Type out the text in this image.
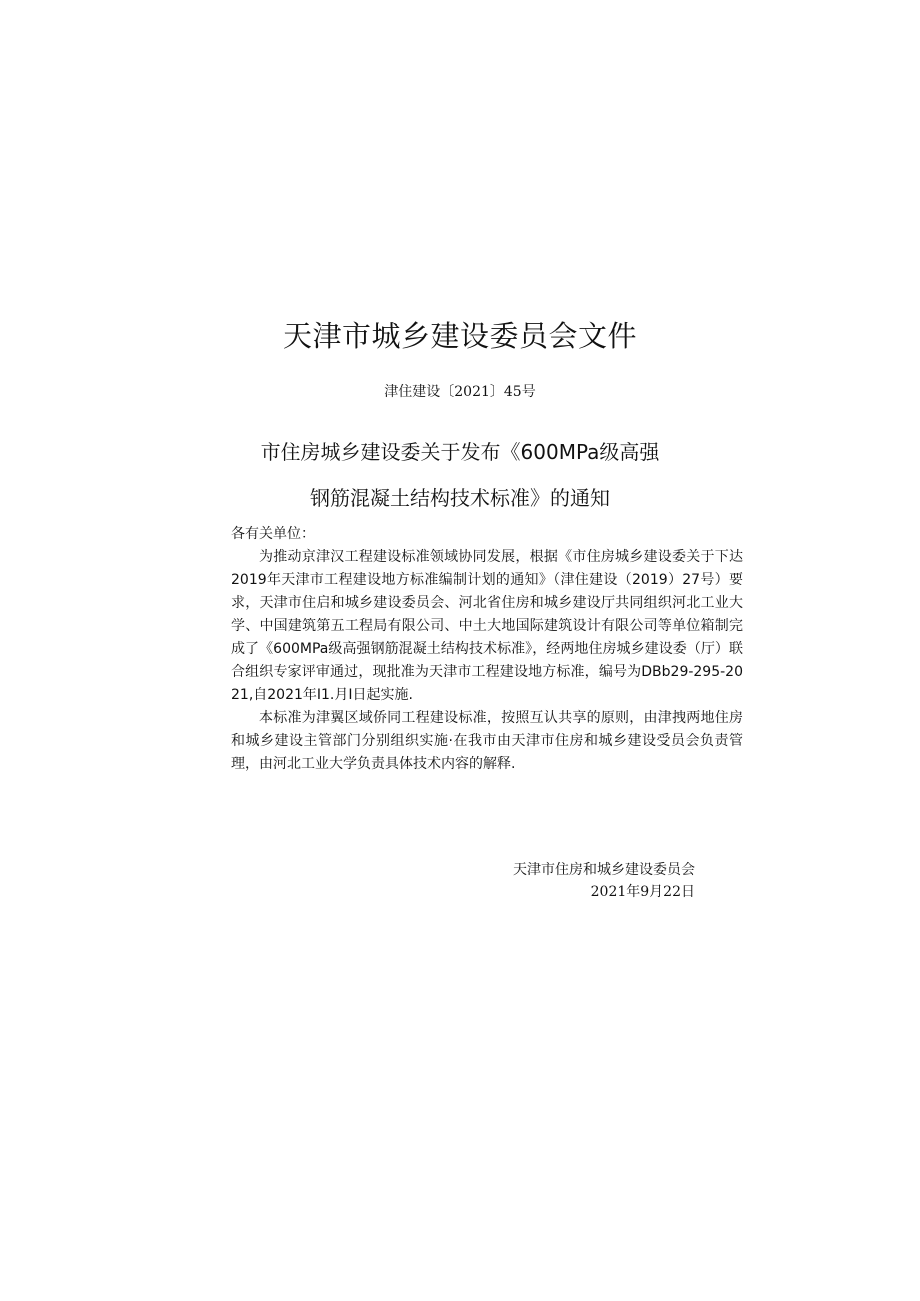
天津市城乡建设委员会文件
津住建设〔2021〕45号
市住房城乡建设委关于发布《600MPa级高强
钢筋混凝土结构技术标准》的通知

各有关单位：

为推动京津汉工程建设标准领域协同发展，根据《市住房城乡建设委关于下达2019年天津市工程建设地方标准编制计划的通知》（津住建设（2019）27号）要求，天津市住启和城乡建设委员会、河北省住房和城乡建设厅共同组织河北工业大学、中国建筑第五工程局有限公司、中土大地国际建筑设计有限公司等单位箱制完成了《600MPa级高强钢筋混凝土结构技术标准》，经两地住房城乡建设委（厅）联合组织专家评审通过，现批准为天津市工程建设地方标准，编号为DBb29-295-2021,自2021年I1.月I日起实施.

本标准为津翼区域侨同工程建设标准，按照互认共享的原则，由津拽两地住房和城乡建设主管部门分别组织实施·在我市由天津市住房和城乡建设受员会负责管理，由河北工业大学负责具体技术内容的解释.

天津市住房和城乡建设委员会
2021年9月22日
